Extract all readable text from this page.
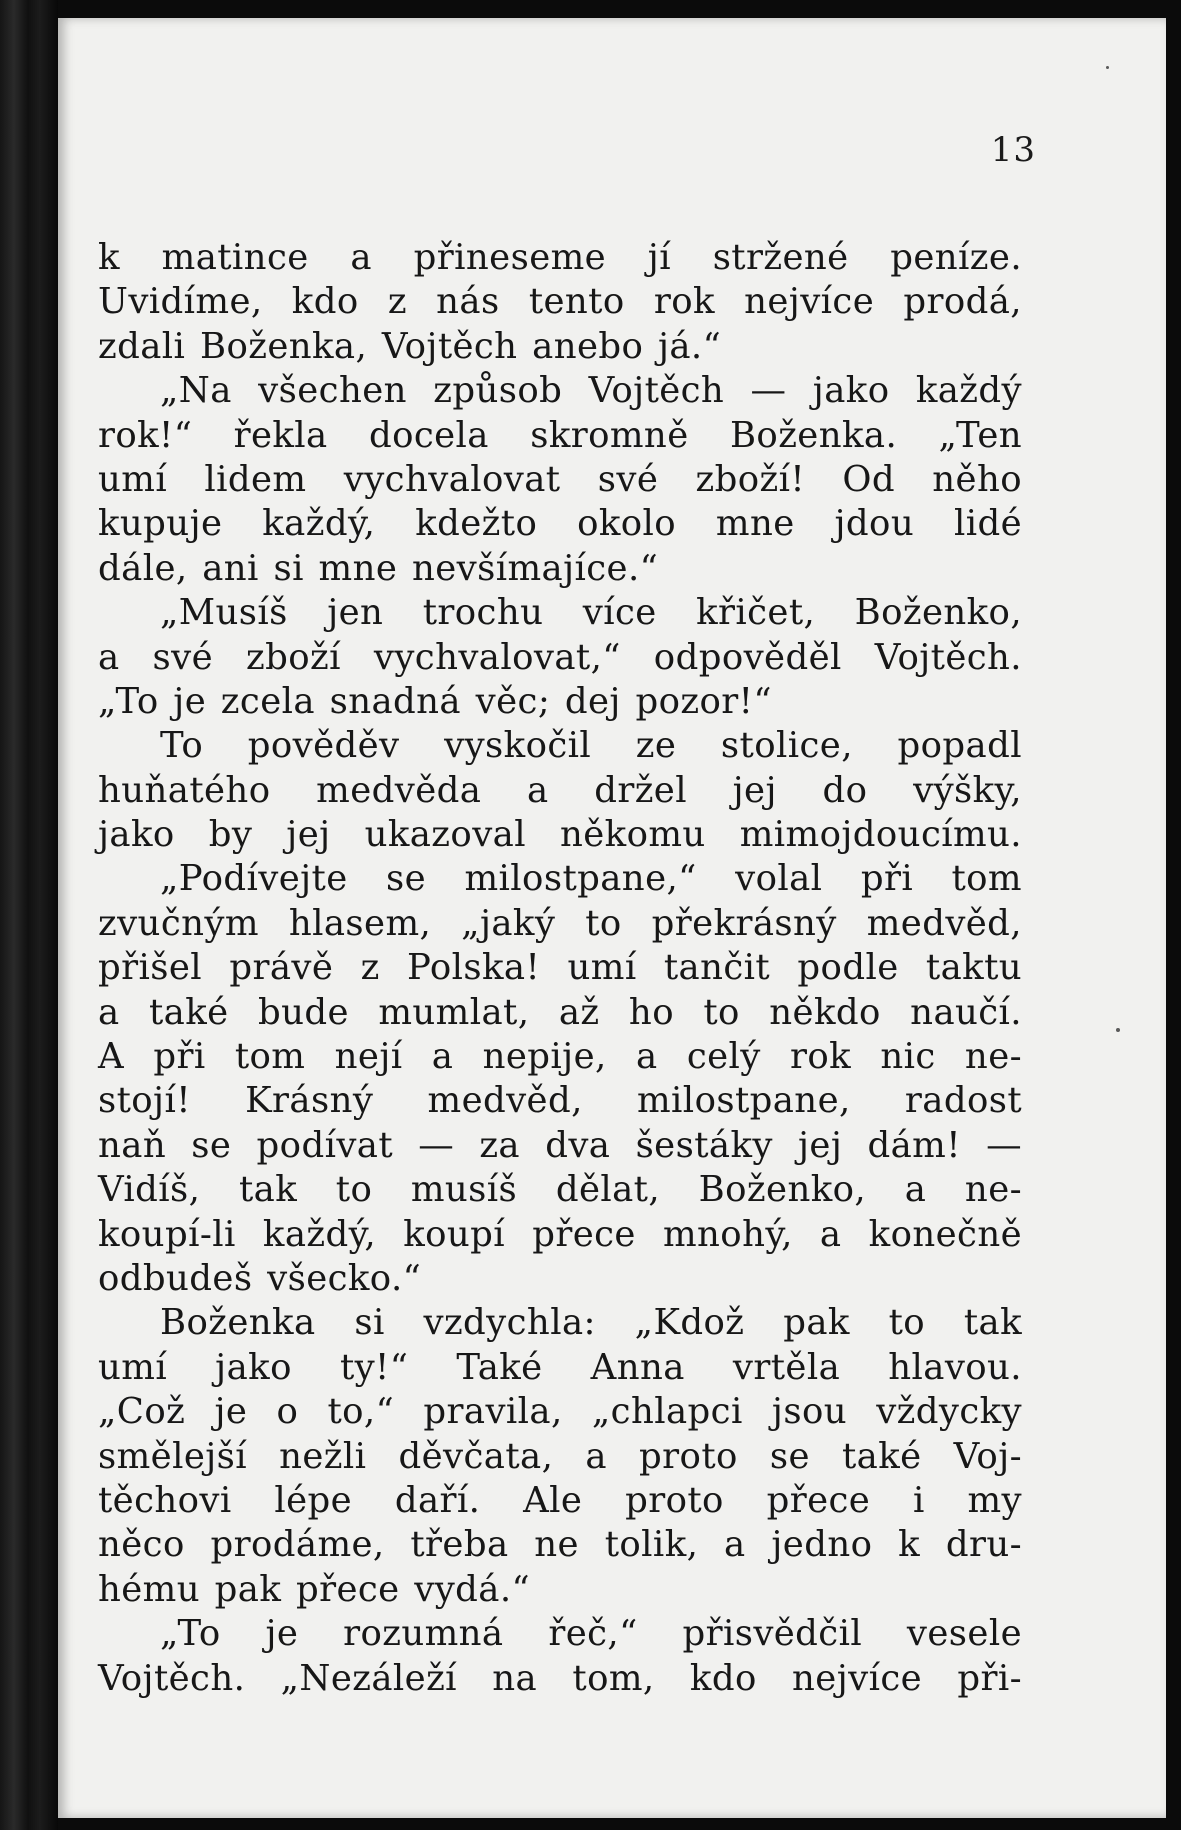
13
k matince a přineseme jí stržené peníze.
Uvidíme, kdo z nás tento rok nejvíce prodá,
zdali Boženka, Vojtěch anebo já.“
„Na všechen způsob Vojtěch — jako každý
rok!“ řekla docela skromně Boženka. „Ten
umí lidem vychvalovat své zboží! Od něho
kupuje každý, kdežto okolo mne jdou lidé
dále, ani si mne nevšímajíce.“
„Musíš jen trochu více křičet, Boženko,
a své zboží vychvalovat,“ odpověděl Vojtěch.
„To je zcela snadná věc; dej pozor!“
To pověděv vyskočil ze stolice, popadl
huňatého medvěda a držel jej do výšky,
jako by jej ukazoval někomu mimojdoucímu.
„Podívejte se milostpane,“ volal při tom
zvučným hlasem, „jaký to překrásný medvěd,
přišel právě z Polska! umí tančit podle taktu
a také bude mumlat, až ho to někdo naučí.
A při tom nejí a nepije, a celý rok nic ne-
stojí! Krásný medvěd, milostpane, radost
naň se podívat — za dva šestáky jej dám! —
Vidíš, tak to musíš dělat, Boženko, a ne-
koupí-li každý, koupí přece mnohý, a konečně
odbudeš všecko.“
Boženka si vzdychla: „Kdož pak to tak
umí jako ty!“ Také Anna vrtěla hlavou.
„Což je o to,“ pravila, „chlapci jsou vždycky
smělejší nežli děvčata, a proto se také Voj-
těchovi lépe daří. Ale proto přece i my
něco prodáme, třeba ne tolik, a jedno k dru-
hému pak přece vydá.“
„To je rozumná řeč,“ přisvědčil vesele
Vojtěch. „Nezáleží na tom, kdo nejvíce při-
